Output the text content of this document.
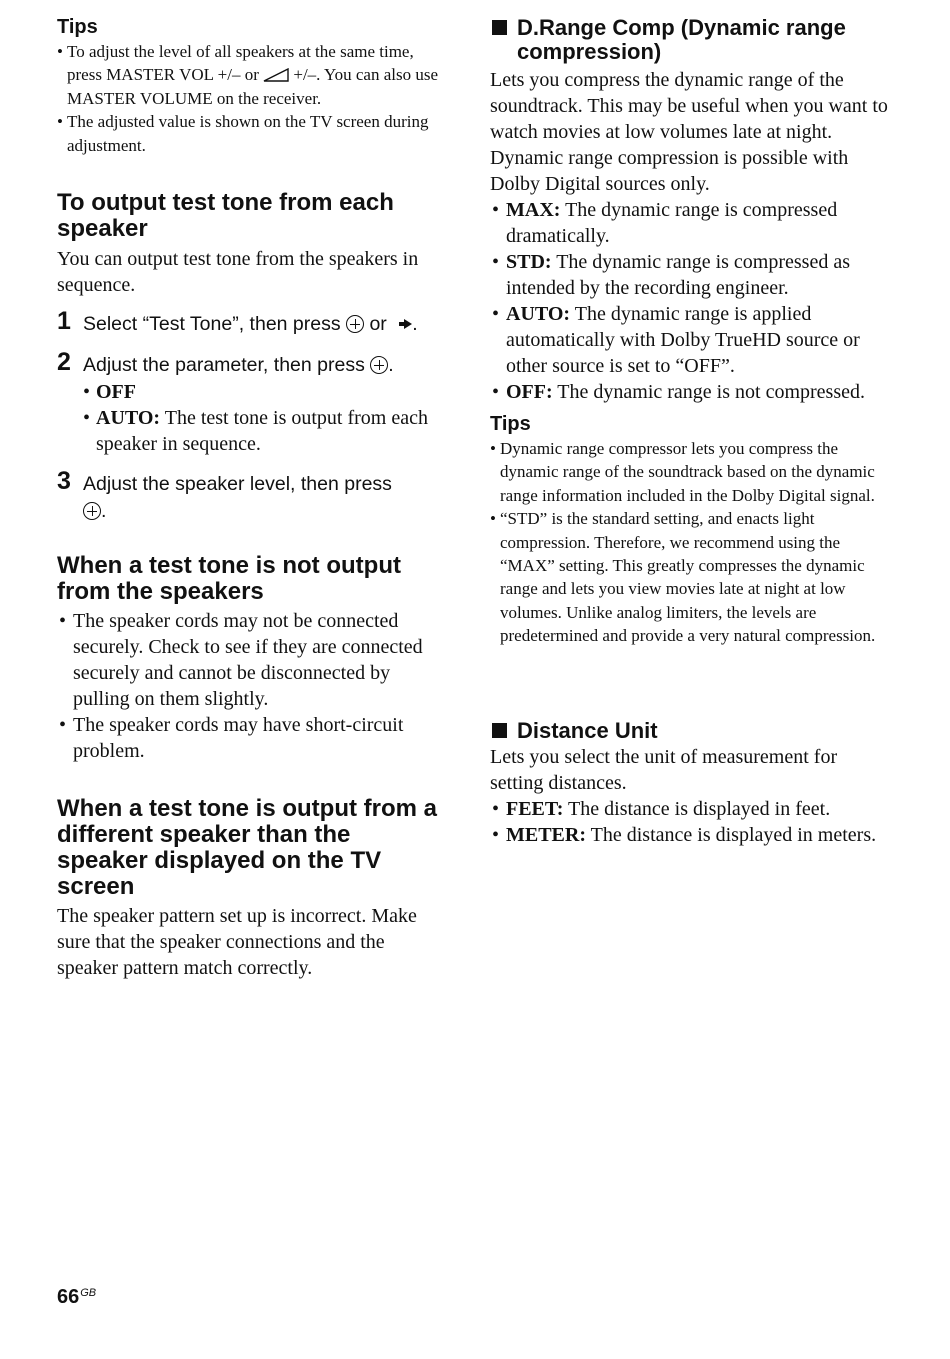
Tips
• To adjust the level of all speakers at the same time, press MASTER VOL +/– or  +/–. You can also use MASTER VOLUME on the receiver.
• The adjusted value is shown on the TV screen during adjustment.
To output test tone from each speaker

You can output test tone from the speakers in sequence.

1 Select “Test Tone”, then press  or .
2 Adjust the parameter, then press .
• OFF
• AUTO: The test tone is output from each speaker in sequence.
3 Adjust the speaker level, then press
.
When a test tone is not output from the speakers
• The speaker cords may not be connected securely. Check to see if they are connected securely and cannot be disconnected by pulling on them slightly.
• The speaker cords may have short-circuit problem.
When a test tone is output from a different speaker than the speaker displayed on the TV screen

The speaker pattern set up is incorrect. Make sure that the speaker connections and the speaker pattern match correctly.

D.Range Comp (Dynamic range compression)

Lets you compress the dynamic range of the soundtrack. This may be useful when you want to watch movies at low volumes late at night. Dynamic range compression is possible with Dolby Digital sources only.

• MAX: The dynamic range is compressed dramatically.
• STD: The dynamic range is compressed as intended by the recording engineer.
• AUTO: The dynamic range is applied automatically with Dolby TrueHD source or other source is set to “OFF”.
• OFF: The dynamic range is not compressed.
Tips
• Dynamic range compressor lets you compress the dynamic range of the soundtrack based on the dynamic range information included in the Dolby Digital signal.
• “STD” is the standard setting, and enacts light compression. Therefore, we recommend using the “MAX” setting. This greatly compresses the dynamic range and lets you view movies late at night at low volumes. Unlike analog limiters, the levels are predetermined and provide a very natural compression.
Distance Unit

Lets you select the unit of measurement for setting distances.

• FEET: The distance is displayed in feet.
• METER: The distance is displayed in meters.
$66^{GB}$
